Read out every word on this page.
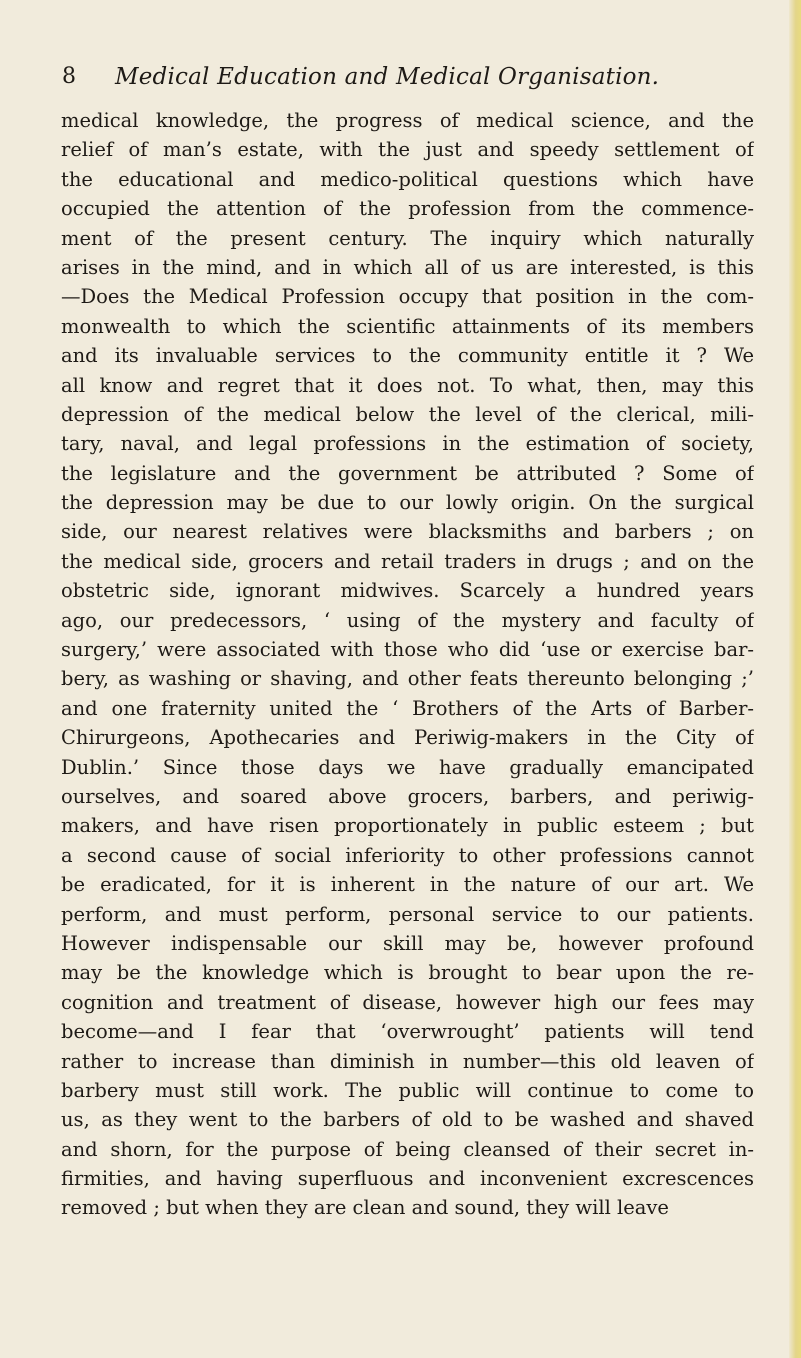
8 Medical Education and Medical Organisation.
medical knowledge, the progress of medical science, and the
relief of man’s estate, with the just and speedy settlement of
the educational and medico-political questions which have
occupied the attention of the profession from the commence-
ment of the present century. The inquiry which naturally
arises in the mind, and in which all of us are interested, is this
—Does the Medical Profession occupy that position in the com-
monwealth to which the scientific attainments of its members
and its invaluable services to the community entitle it ? We
all know and regret that it does not. To what, then, may this
depression of the medical below the level of the clerical, mili-
tary, naval, and legal professions in the estimation of society,
the legislature and the government be attributed ? Some of
the depression may be due to our lowly origin. On the surgical
side, our nearest relatives were blacksmiths and barbers ; on
the medical side, grocers and retail traders in drugs ; and on the
obstetric side, ignorant midwives. Scarcely a hundred years
ago, our predecessors, ‘ using of the mystery and faculty of
surgery,’ were associated with those who did ‘use or exercise bar-
bery, as washing or shaving, and other feats thereunto belonging ;’
and one fraternity united the ‘ Brothers of the Arts of Barber-
Chirurgeons, Apothecaries and Periwig-makers in the City of
Dublin.’ Since those days we have gradually emancipated
ourselves, and soared above grocers, barbers, and periwig-
makers, and have risen proportionately in public esteem ; but
a second cause of social inferiority to other professions cannot
be eradicated, for it is inherent in the nature of our art. We
perform, and must perform, personal service to our patients.
However indispensable our skill may be, however profound
may be the knowledge which is brought to bear upon the re-
cognition and treatment of disease, however high our fees may
become—and I fear that ‘overwrought’ patients will tend
rather to increase than diminish in number—this old leaven of
barbery must still work. The public will continue to come to
us, as they went to the barbers of old to be washed and shaved
and shorn, for the purpose of being cleansed of their secret in-
firmities, and having superfluous and inconvenient excrescences
removed ; but when they are clean and sound, they will leave
